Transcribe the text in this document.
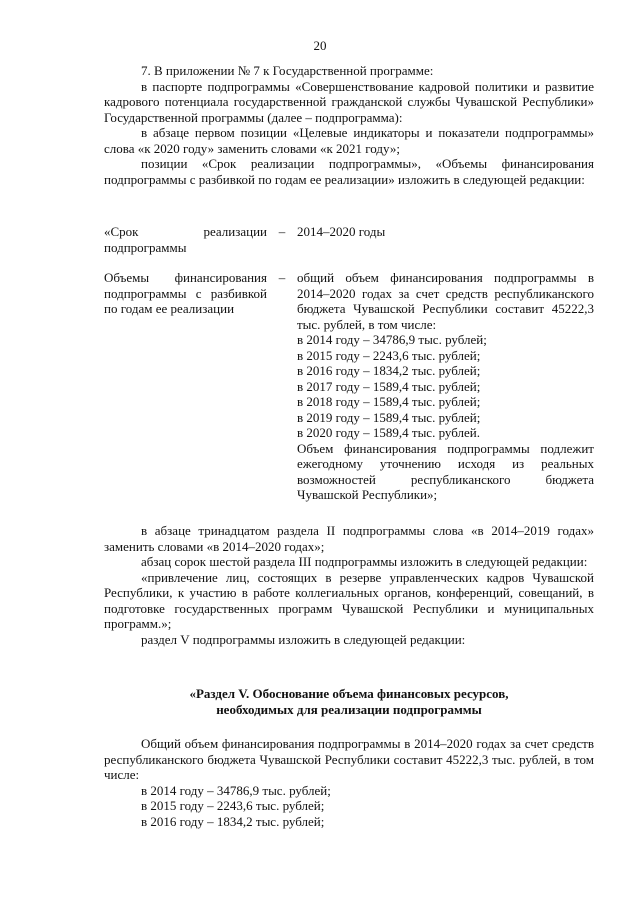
20

7. В приложении № 7 к Государственной программе:

в паспорте подпрограммы «Совершенствование кадровой политики и развитие кадрового потенциала государственной гражданской службы Чувашской Республики» Государственной программы (далее – подпрограмма):

в абзаце первом позиции «Целевые индикаторы и показатели подпрограммы» слова «к 2020 году» заменить словами «к 2021 году»;

позиции «Срок реализации подпрограммы», «Объемы финансирования подпрограммы с разбивкой по годам ее реализации» изложить в следующей редакции:

«Срок реализации подпрограммы
– 2014–2020 годы
Объемы финансирования подпрограммы с разбивкой по годам ее реализации
– общий объем финансирования подпрограммы в 2014–2020 годах за счет средств республиканского бюджета Чувашской Республики составит 45222,3 тыс. рублей, в том числе:
в 2014 году – 34786,9 тыс. рублей;
в 2015 году – 2243,6 тыс. рублей;
в 2016 году – 1834,2 тыс. рублей;
в 2017 году – 1589,4 тыс. рублей;
в 2018 году – 1589,4 тыс. рублей;
в 2019 году – 1589,4 тыс. рублей;
в 2020 году – 1589,4 тыс. рублей.
Объем финансирования подпрограммы подлежит ежегодному уточнению исходя из реальных возможностей республиканского бюджета Чувашской Республики»;

в абзаце тринадцатом раздела II подпрограммы слова «в 2014–2019 годах» заменить словами «в 2014–2020 годах»;

абзац сорок шестой раздела III подпрограммы изложить в следующей редакции:

«привлечение лиц, состоящих в резерве управленческих кадров Чувашской Республики, к участию в работе коллегиальных органов, конференций, совещаний, в подготовке государственных программ Чувашской Республики и муниципальных программ.»;

раздел V подпрограммы изложить в следующей редакции:

«Раздел V. Обоснование объема финансовых ресурсов,

необходимых для реализации подпрограммы

Общий объем финансирования подпрограммы в 2014–2020 годах за счет средств республиканского бюджета Чувашской Республики составит 45222,3 тыс. рублей, в том числе:

в 2014 году – 34786,9 тыс. рублей;

в 2015 году – 2243,6 тыс. рублей;

в 2016 году – 1834,2 тыс. рублей;
